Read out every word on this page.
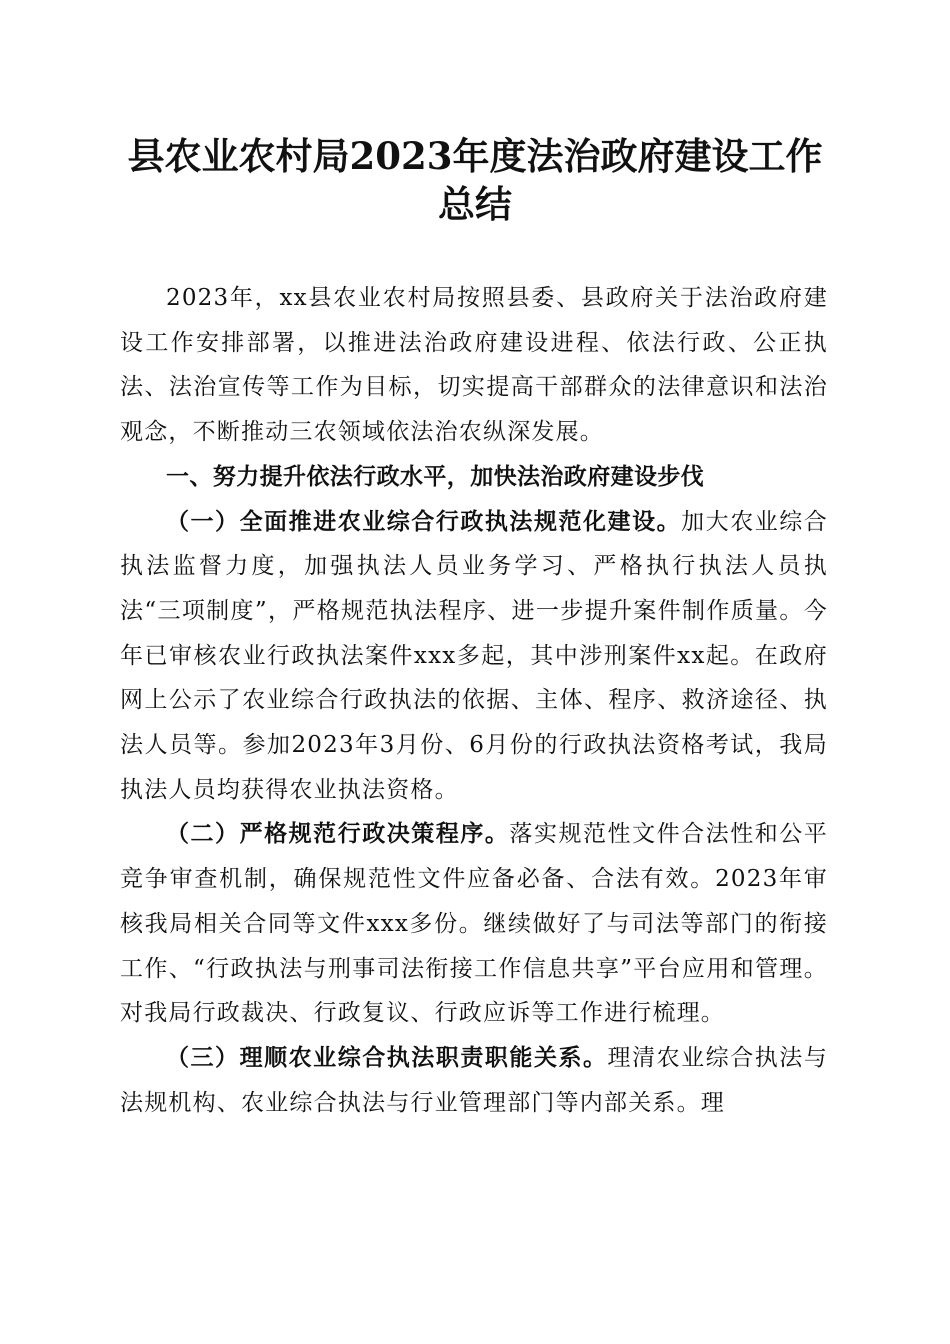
县农业农村局2023年度法治政府建设工作总结

2023年，xx县农业农村局按照县委、县政府关于法治政府建设工作安排部署，以推进法治政府建设进程、依法行政、公正执法、法治宣传等工作为目标，切实提高干部群众的法律意识和法治观念，不断推动三农领域依法治农纵深发展。

一、努力提升依法行政水平，加快法治政府建设步伐

（一）全面推进农业综合行政执法规范化建设。加大农业综合执法监督力度，加强执法人员业务学习、严格执行执法人员执法“三项制度”，严格规范执法程序、进一步提升案件制作质量。今年已审核农业行政执法案件xxx多起，其中涉刑案件xx起。在政府网上公示了农业综合行政执法的依据、主体、程序、救济途径、执法人员等。参加2023年3月份、6月份的行政执法资格考试，我局执法人员均获得农业执法资格。

（二）严格规范行政决策程序。落实规范性文件合法性和公平竞争审查机制，确保规范性文件应备必备、合法有效。2023年审核我局相关合同等文件xxx多份。继续做好了与司法等部门的衔接工作、“行政执法与刑事司法衔接工作信息共享”平台应用和管理。对我局行政裁决、行政复议、行政应诉等工作进行梳理。

（三）理顺农业综合执法职责职能关系。理清农业综合执法与法规机构、农业综合执法与行业管理部门等内部关系。理
